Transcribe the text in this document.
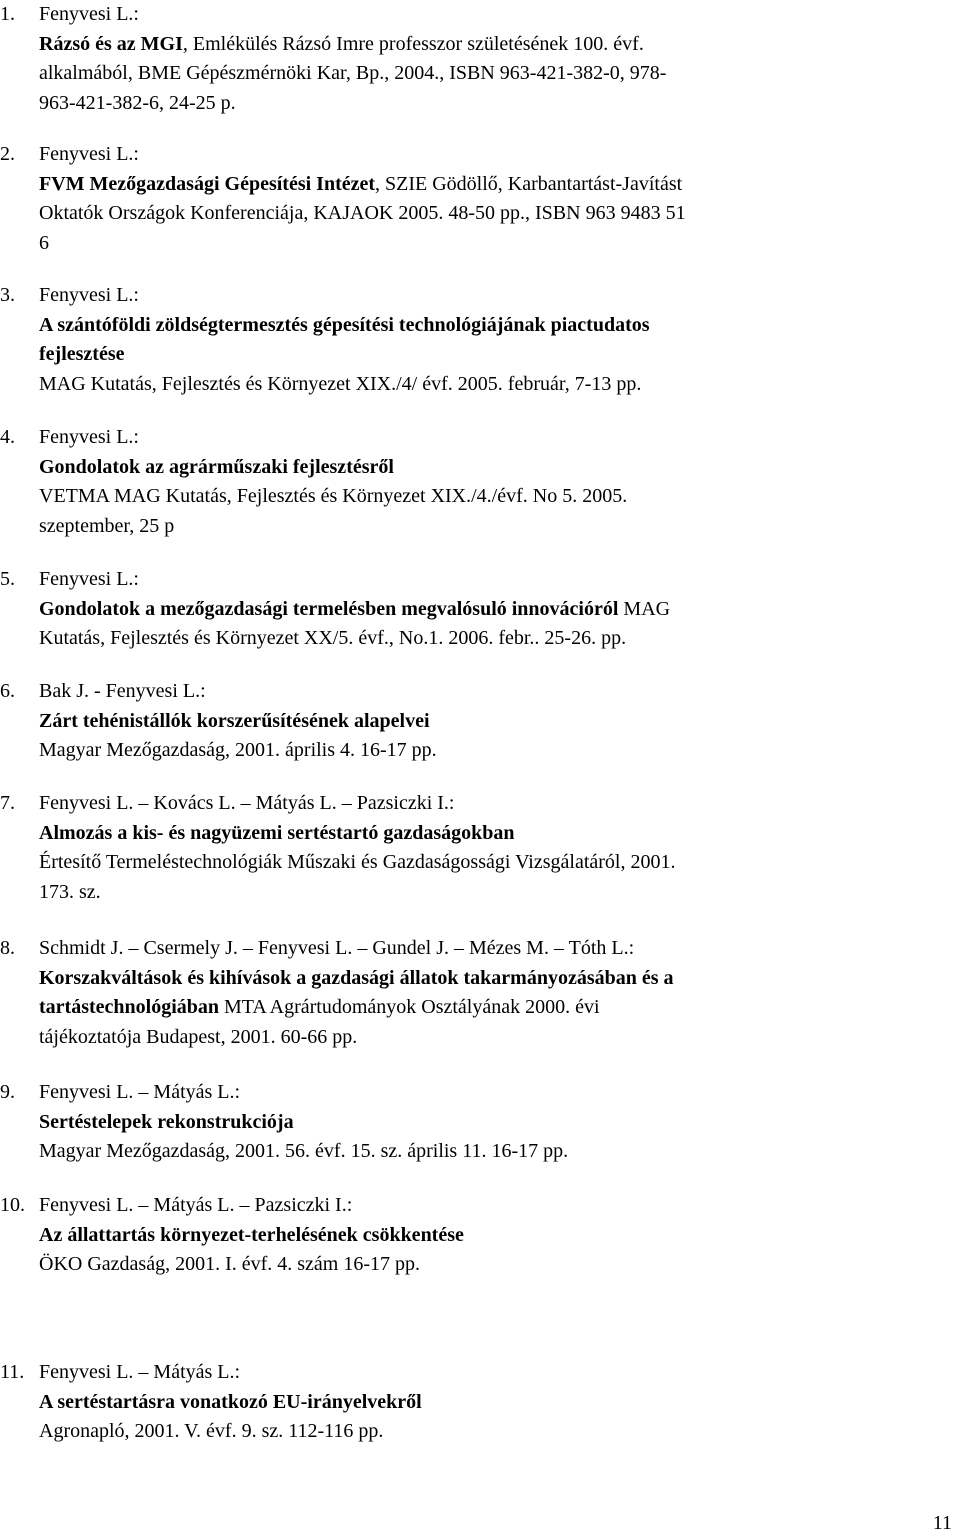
1. Fenyvesi L.:
Rázsó és az MGI, Emlékülés Rázsó Imre professzor születésének 100. évf.
alkalmából, BME Gépészmérnöki Kar, Bp., 2004., ISBN 963-421-382-0, 978-
963-421-382-6, 24-25 p.
2. Fenyvesi L.:
FVM Mezőgazdasági Gépesítési Intézet, SZIE Gödöllő, Karbantartást-Javítást
Oktatók Országok Konferenciája, KAJAOK 2005. 48-50 pp., ISBN 963 9483 51
6
3. Fenyvesi L.:
A szántóföldi zöldségtermesztés gépesítési technológiájának piactudatos
fejlesztése
MAG Kutatás, Fejlesztés és Környezet XIX./4/ évf. 2005. február, 7-13 pp.
4. Fenyvesi L.:
Gondolatok az agrárműszaki fejlesztésről
VETMA MAG Kutatás, Fejlesztés és Környezet XIX./4./évf. No 5. 2005.
szeptember, 25 p
5. Fenyvesi L.:
Gondolatok a mezőgazdasági termelésben megvalósuló innovációról MAG
Kutatás, Fejlesztés és Környezet XX/5. évf., No.1. 2006. febr.. 25-26. pp.
6. Bak J. - Fenyvesi L.:
Zárt tehénistállók korszerűsítésének alapelvei
Magyar Mezőgazdaság, 2001. április 4. 16-17 pp.
7. Fenyvesi L. – Kovács L. – Mátyás L. – Pazsiczki I.:
Almozás a kis- és nagyüzemi sertéstartó gazdaságokban
Értesítő Termeléstechnológiák Műszaki és Gazdaságossági Vizsgálatáról, 2001.
173. sz.
8. Schmidt J. – Csermely J. – Fenyvesi L. – Gundel J. – Mézes M. – Tóth L.:
Korszakváltások és kihívások a gazdasági állatok takarmányozásában és a
tartástechnológiában MTA Agrártudományok Osztályának 2000. évi
tájékoztatója Budapest, 2001. 60-66 pp.
9. Fenyvesi L. – Mátyás L.:
Sertéstelepek rekonstrukciója
Magyar Mezőgazdaság, 2001. 56. évf. 15. sz. április 11. 16-17 pp.
10. Fenyvesi L. – Mátyás L. – Pazsiczki I.:
Az állattartás környezet-terhelésének csökkentése
ÖKO Gazdaság, 2001. I. évf. 4. szám 16-17 pp.
11. Fenyvesi L. – Mátyás L.:
A sertéstartásra vonatkozó EU-irányelvekről
Agronapló, 2001. V. évf. 9. sz. 112-116 pp.
11
